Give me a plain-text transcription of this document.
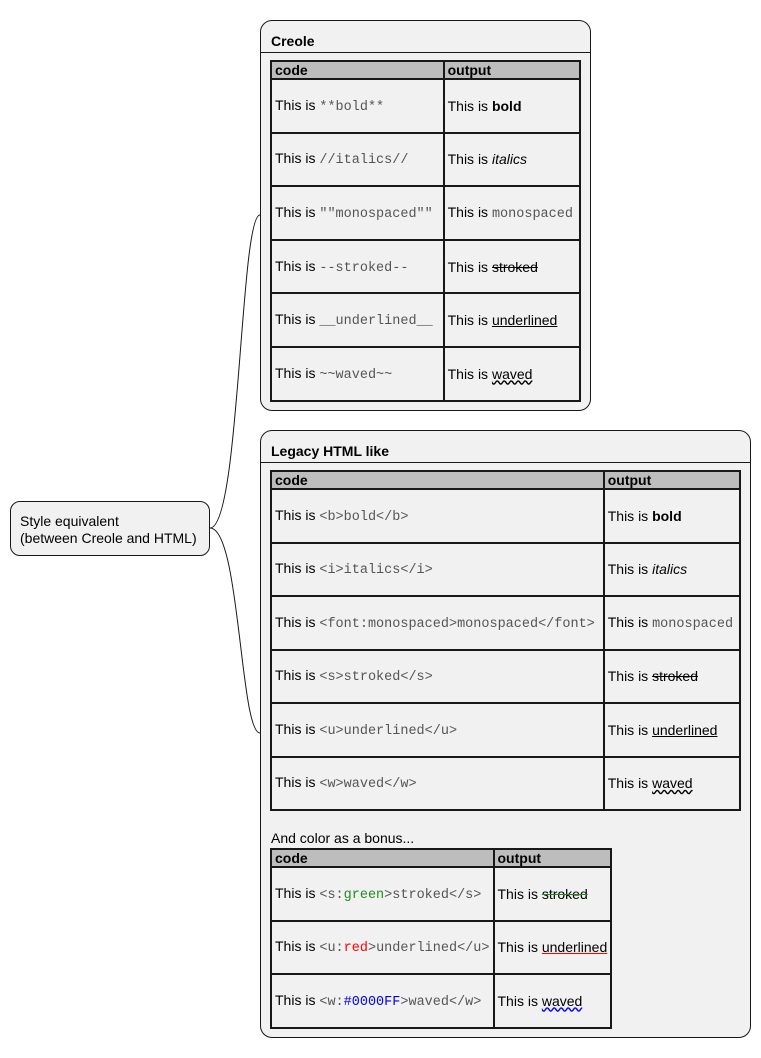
Style equivalent
(between Creole and HTML)
Creole
code	output
This is **bold**	This is bold
This is //italics//	This is italics
This is ""monospaced""	This is monospaced
This is --stroked--	This is stroked
This is __underlined__	This is underlined
This is ~~waved~~	This is waved
Legacy HTML like
code	output
This is <b>bold</b>	This is bold
This is <i>italics</i>	This is italics
This is <font:monospaced>monospaced</font>	This is monospaced
This is <s>stroked</s>	This is stroked
This is <u>underlined</u>	This is underlined
This is <w>waved</w>	This is waved
And color as a bonus...
code	output
This is <s:green>stroked</s>	This is stroked
This is <u:red>underlined</u>	This is underlined
This is <w:#0000FF>waved</w>	This is waved
